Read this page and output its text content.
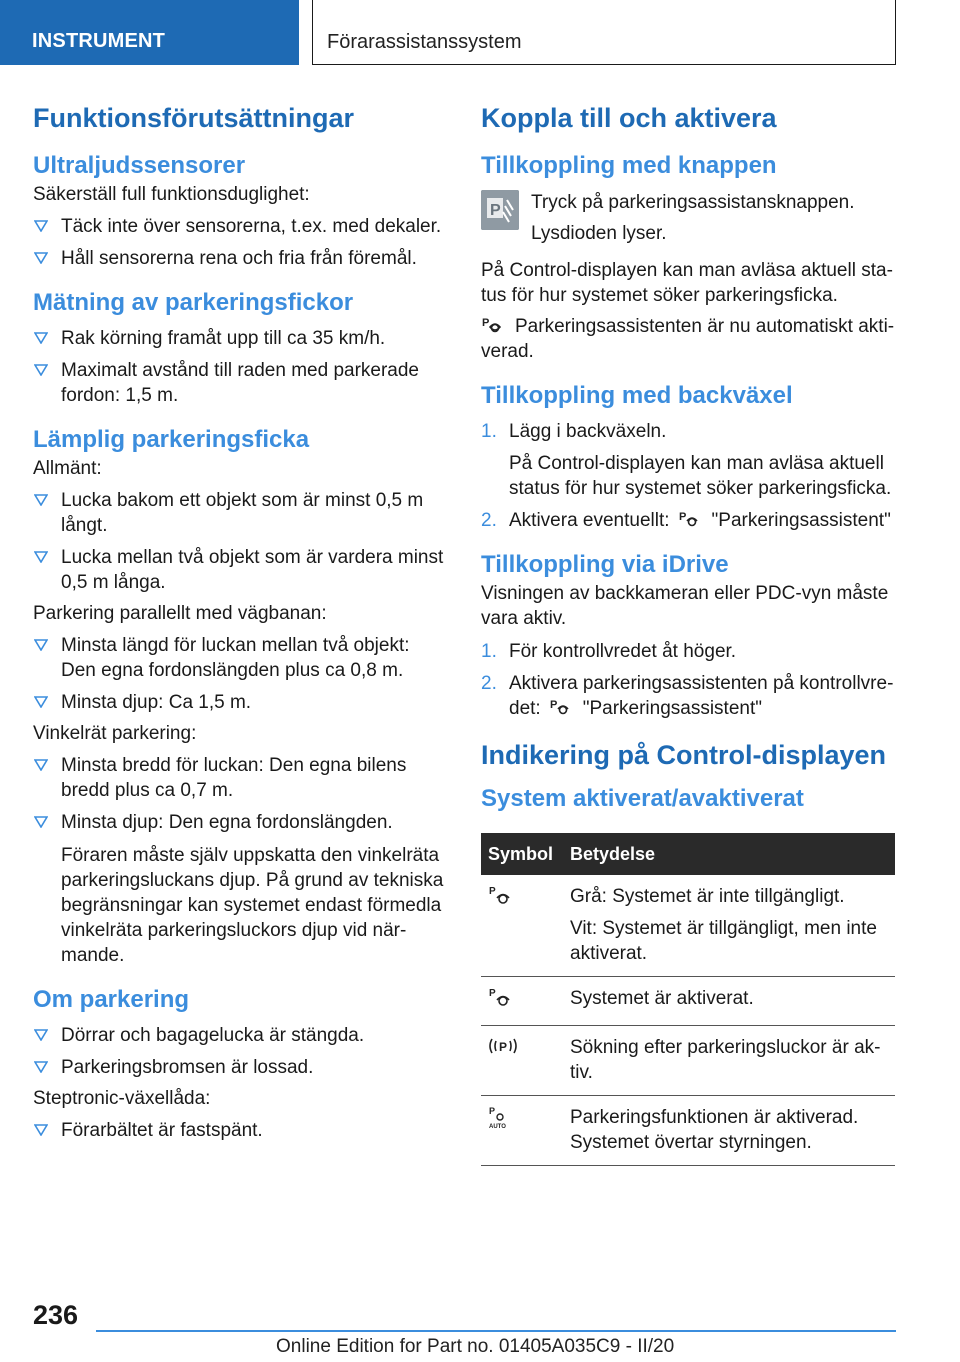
INSTRUMENT	Förarassistanssystem
Funktionsförutsättningar
Ultraljudssensorer
Säkerställ full funktionsduglighet:
Täck inte över sensorerna, t.ex. med dekaler.
Håll sensorerna rena och fria från föremål.
Mätning av parkeringsfickor
Rak körning framåt upp till ca 35 km/h.
Maximalt avstånd till raden med parkerade fordon: 1,5 m.
Lämplig parkeringsficka
Allmänt:
Lucka bakom ett objekt som är minst 0,5 m långt.
Lucka mellan två objekt som är vardera minst 0,5 m långa.
Parkering parallellt med vägbanan:
Minsta längd för luckan mellan två objekt: Den egna fordonslängden plus ca 0,8 m.
Minsta djup: Ca 1,5 m.
Vinkelrät parkering:
Minsta bredd för luckan: Den egna bilens bredd plus ca 0,7 m.
Minsta djup: Den egna fordonslängden.
Föraren måste själv uppskatta den vinkelräta parkeringsluckans djup. På grund av tekniska begränsningar kan systemet endast förmedla vinkelräta parkeringsluckors djup vid närmande.
Om parkering
Dörrar och bagagelucka är stängda.
Parkeringsbromsen är lossad.
Steptronic-växellåda:
Förarbältet är fastspänt.
Koppla till och aktivera
Tillkoppling med knappen
P Tryck på parkeringsassistansknappen.
Lysdioden lyser.
På Control-displayen kan man avläsa aktuell status för hur systemet söker parkeringsficka.
P Parkeringsassistenten är nu automatiskt aktiverad.
Tillkoppling med backväxel
1. Lägg i backväxeln.
På Control-displayen kan man avläsa aktuell status för hur systemet söker parkeringsficka.
2. Aktivera eventuellt: P "Parkeringsassistent"
Tillkoppling via iDrive
Visningen av backkameran eller PDC-vyn måste vara aktiv.
1. För kontrollvredet åt höger.
2. Aktivera parkeringsassistenten på kontrollvredet: P "Parkeringsassistent"
Indikering på Control-displayen
System aktiverat/avaktiverat
Symbol	Betydelse

P	Grå: Systemet är inte tillgängligt.
Vit: Systemet är tillgängligt, men inte aktiverat.

P	Systemet är aktiverat.

P	Sökning efter parkeringsluckor är aktiv.

P
AUTO	Parkeringsfunktionen är aktiverad. Systemet övertar styrningen.
236
Online Edition for Part no. 01405A035C9 - II/20
